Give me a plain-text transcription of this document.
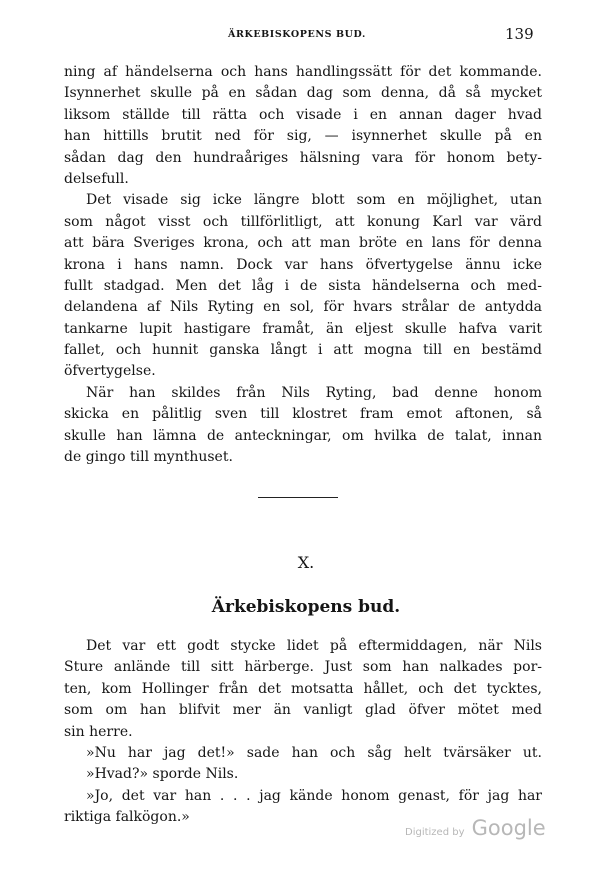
ÄRKEBISKOPENS BUD.	139
ning af händelserna och hans handlingssätt för det kommande.
Isynnerhet skulle på en sådan dag som denna, då så mycket
liksom ställde till rätta och visade i en annan dager hvad
han hittills brutit ned för sig, — isynnerhet skulle på en
sådan dag den hundraåriges hälsning vara för honom bety-
delsefull.
Det visade sig icke längre blott som en möjlighet, utan
som något visst och tillförlitligt, att konung Karl var värd
att bära Sveriges krona, och att man bröte en lans för denna
krona i hans namn. Dock var hans öfvertygelse ännu icke
fullt stadgad. Men det låg i de sista händelserna och med-
delandena af Nils Ryting en sol, för hvars strålar de antydda
tankarne lupit hastigare framåt, än eljest skulle hafva varit
fallet, och hunnit ganska långt i att mogna till en bestämd
öfvertygelse.
När han skildes från Nils Ryting, bad denne honom
skicka en pålitlig sven till klostret fram emot aftonen, så
skulle han lämna de anteckningar, om hvilka de talat, innan
de gingo till mynthuset.
X.
Ärkebiskopens bud.
Det var ett godt stycke lidet på eftermiddagen, när Nils
Sture anlände till sitt härberge. Just som han nalkades por-
ten, kom Hollinger från det motsatta hållet, och det tycktes,
som om han blifvit mer än vanligt glad öfver mötet med
sin herre.
»Nu har jag det!» sade han och såg helt tvärsäker ut.
»Hvad?» sporde Nils.
»Jo, det var han . . . jag kände honom genast, för jag har
riktiga falkögon.»
Digitized by Google
